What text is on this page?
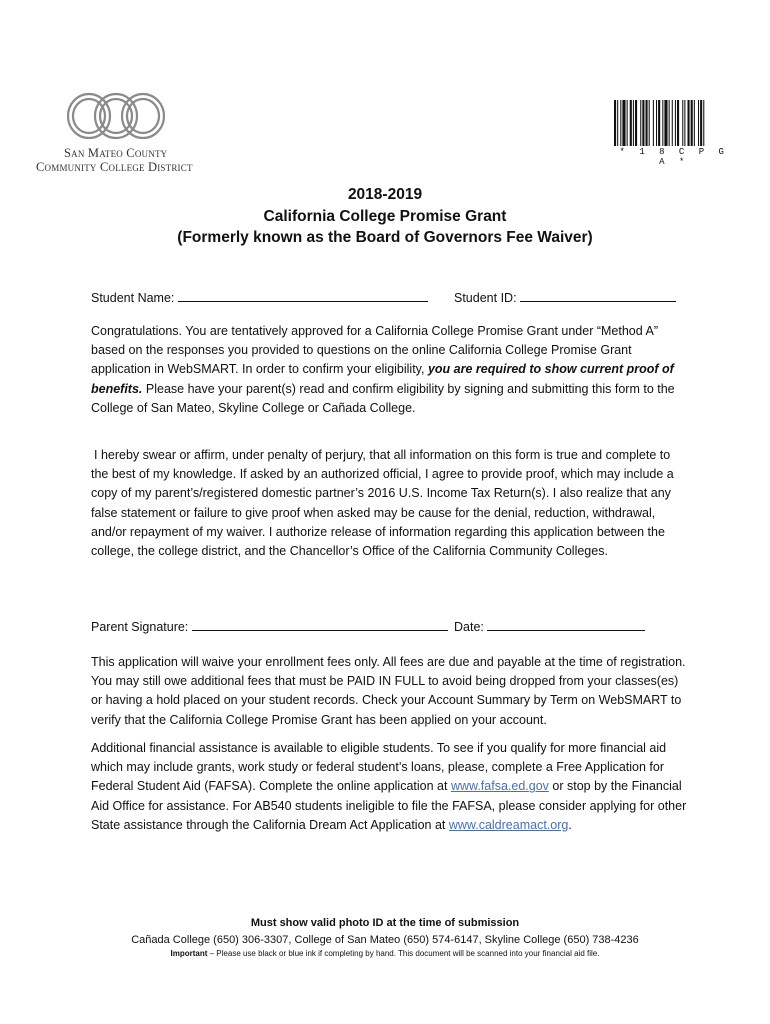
San Mateo County
Community College District
* 1 8 C P G A *
2018-2019
California College Promise Grant
(Formerly known as the Board of Governors Fee Waiver)
Student Name:	Student ID:
Congratulations. You are tentatively approved for a California College Promise Grant under “Method A” based on the responses you provided to questions on the online California College Promise Grant application in WebSMART. In order to confirm your eligibility, you are required to show current proof of benefits. Please have your parent(s) read and confirm eligibility by signing and submitting this form to the College of San Mateo, Skyline College or Cañada College.
I hereby swear or affirm, under penalty of perjury, that all information on this form is true and complete to the best of my knowledge. If asked by an authorized official, I agree to provide proof, which may include a copy of my parent’s/registered domestic partner’s 2016 U.S. Income Tax Return(s). I also realize that any false statement or failure to give proof when asked may be cause for the denial, reduction, withdrawal, and/or repayment of my waiver. I authorize release of information regarding this application between the college, the college district, and the Chancellor’s Office of the California Community Colleges.
Parent Signature:	Date:
This application will waive your enrollment fees only. All fees are due and payable at the time of registration. You may still owe additional fees that must be PAID IN FULL to avoid being dropped from your classes(es) or having a hold placed on your student records. Check your Account Summary by Term on WebSMART to verify that the California College Promise Grant has been applied on your account.
Additional financial assistance is available to eligible students. To see if you qualify for more financial aid which may include grants, work study or federal student’s loans, please, complete a Free Application for Federal Student Aid (FAFSA). Complete the online application at www.fafsa.ed.gov or stop by the Financial Aid Office for assistance. For AB540 students ineligible to file the FAFSA, please consider applying for other State assistance through the California Dream Act Application at www.caldreamact.org.
Must show valid photo ID at the time of submission
Cañada College (650) 306-3307, College of San Mateo (650) 574-6147, Skyline College (650) 738-4236
Important – Please use black or blue ink if completing by hand. This document will be scanned into your financial aid file.
